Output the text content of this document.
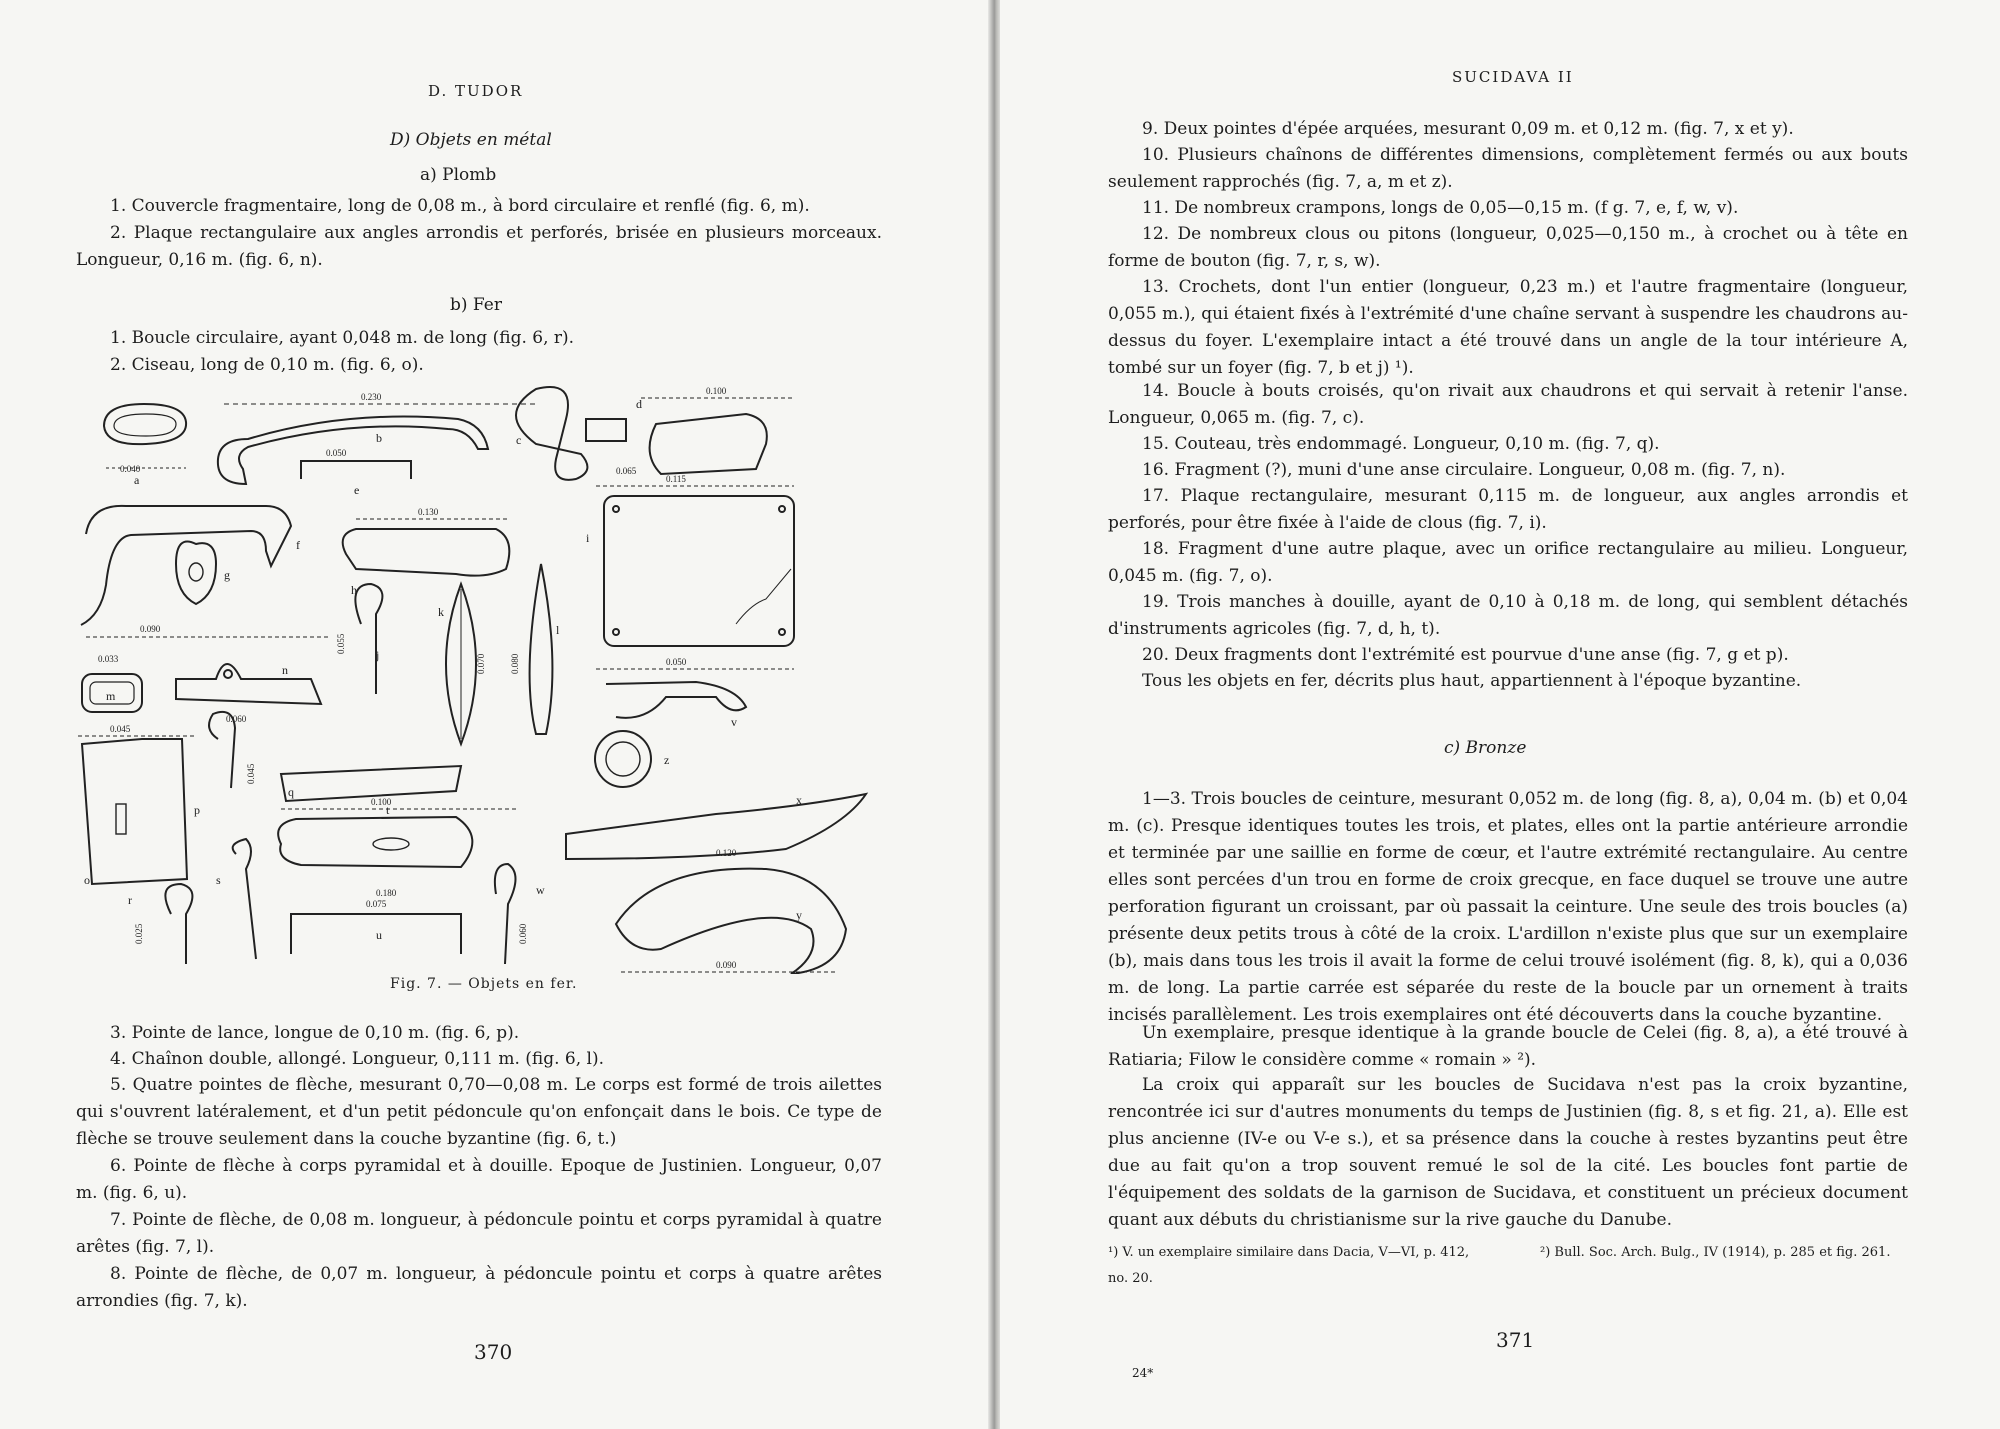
D. TUDOR
D) Objets en métal
a) Plomb

1. Couvercle fragmentaire, long de 0,08 m., à bord circulaire et renflé (fig. 6, m).

2. Plaque rectangulaire aux angles arrondis et perforés, brisée en plusieurs morceaux. Longueur, 0,16 m. (fig. 6, n).

b) Fer

1. Boucle circulaire, ayant 0,048 m. de long (fig. 6, r).

2. Ciseau, long de 0,10 m. (fig. 6, o).

a
0.040
0.230
b
e
0.050
c
0.065
0.100
d
f
0.090
g
0.130
h
0.115
i
m
0.033
n
0.060
j
0.055
k
0.070
l
0.080	0.050
v
z
o
0.045
p
0.045
q
0.100
t
0.180
u
0.075
s
r
0.025
w
0.060
x
0.120
y
0.090
Fig. 7. — Objets en fer.

3. Pointe de lance, longue de 0,10 m. (fig. 6, p).

4. Chaînon double, allongé. Longueur, 0,111 m. (fig. 6, l).

5. Quatre pointes de flèche, mesurant 0,70—0,08 m. Le corps est formé de trois ailettes qui s'ouvrent latéralement, et d'un petit pédoncule qu'on enfonçait dans le bois. Ce type de flèche se trouve seulement dans la couche byzantine (fig. 6, t.)

6. Pointe de flèche à corps pyramidal et à douille. Epoque de Justinien. Longueur, 0,07 m. (fig. 6, u).

7. Pointe de flèche, de 0,08 m. longueur, à pédoncule pointu et corps pyramidal à quatre arêtes (fig. 7, l).

8. Pointe de flèche, de 0,07 m. longueur, à pédoncule pointu et corps à quatre arêtes arrondies (fig. 7, k).

370
SUCIDAVA II

9. Deux pointes d'épée arquées, mesurant 0,09 m. et 0,12 m. (fig. 7, x et y).

10. Plusieurs chaînons de différentes dimensions, complètement fermés ou aux bouts seulement rapprochés (fig. 7, a, m et z).

11. De nombreux crampons, longs de 0,05—0,15 m. (f g. 7, e, f, w, v).

12. De nombreux clous ou pitons (longueur, 0,025—0,150 m., à crochet ou à tête en forme de bouton (fig. 7, r, s, w).

13. Crochets, dont l'un entier (longueur, 0,23 m.) et l'autre fragmentaire (longueur, 0,055 m.), qui étaient fixés à l'extrémité d'une chaîne servant à suspendre les chaudrons au-dessus du foyer. L'exemplaire intact a été trouvé dans un angle de la tour intérieure A, tombé sur un foyer (fig. 7, b et j) ¹).

14. Boucle à bouts croisés, qu'on rivait aux chaudrons et qui servait à retenir l'anse. Longueur, 0,065 m. (fig. 7, c).

15. Couteau, très endommagé. Longueur, 0,10 m. (fig. 7, q).

16. Fragment (?), muni d'une anse circulaire. Longueur, 0,08 m. (fig. 7, n).

17. Plaque rectangulaire, mesurant 0,115 m. de longueur, aux angles arrondis et perforés, pour être fixée à l'aide de clous (fig. 7, i).

18. Fragment d'une autre plaque, avec un orifice rectangulaire au milieu. Longueur, 0,045 m. (fig. 7, o).

19. Trois manches à douille, ayant de 0,10 à 0,18 m. de long, qui semblent détachés d'instruments agricoles (fig. 7, d, h, t).

20. Deux fragments dont l'extrémité est pourvue d'une anse (fig. 7, g et p).

Tous les objets en fer, décrits plus haut, appartiennent à l'époque byzantine.

c) Bronze

1—3. Trois boucles de ceinture, mesurant 0,052 m. de long (fig. 8, a), 0,04 m. (b) et 0,04 m. (c). Presque identiques toutes les trois, et plates, elles ont la partie antérieure arrondie et terminée par une saillie en forme de cœur, et l'autre extrémité rectangulaire. Au centre elles sont percées d'un trou en forme de croix grecque, en face duquel se trouve une autre perforation figurant un croissant, par où passait la ceinture. Une seule des trois boucles (a) présente deux petits trous à côté de la croix. L'ardillon n'existe plus que sur un exemplaire (b), mais dans tous les trois il avait la forme de celui trouvé isolément (fig. 8, k), qui a 0,036 m. de long. La partie carrée est séparée du reste de la boucle par un ornement à traits incisés parallèlement. Les trois exemplaires ont été découverts dans la couche byzantine.

Un exemplaire, presque identique à la grande boucle de Celei (fig. 8, a), a été trouvé à Ratiaria; Filow le considère comme « romain » ²).

La croix qui apparaît sur les boucles de Sucidava n'est pas la croix byzantine, rencontrée ici sur d'autres monuments du temps de Justinien (fig. 8, s et fig. 21, a). Elle est plus ancienne (IV-e ou V-e s.), et sa présence dans la couche à restes byzantins peut être due au fait qu'on a trop souvent remué le sol de la cité. Les boucles font partie de l'équipement des soldats de la garnison de Sucidava, et constituent un précieux document quant aux débuts du christianisme sur la rive gauche du Danube.

¹) V. un exemplaire similaire dans Dacia, V—VI, p. 412, no. 20.
²) Bull. Soc. Arch. Bulg., IV (1914), p. 285 et fig. 261.
371
24*
